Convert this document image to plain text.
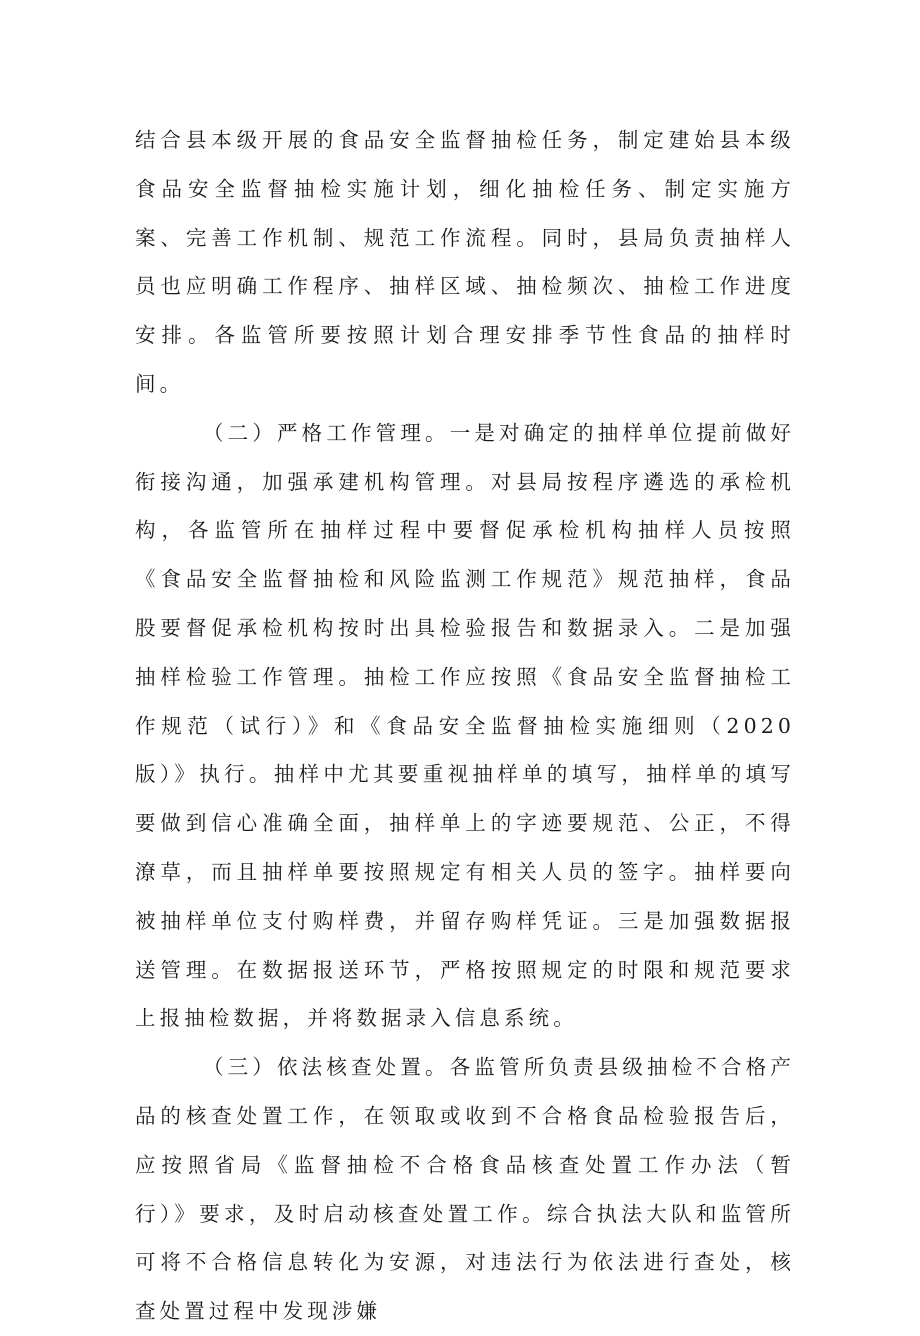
结合县本级开展的食品安全监督抽检任务，制定建始县本级食品安全监督抽检实施计划，细化抽检任务、制定实施方案、完善工作机制、规范工作流程。同时，县局负责抽样人员也应明确工作程序、抽样区域、抽检频次、抽检工作进度安排。各监管所要按照计划合理安排季节性食品的抽样时间。

（二）严格工作管理。一是对确定的抽样单位提前做好衔接沟通，加强承建机构管理。对县局按程序遴选的承检机构，各监管所在抽样过程中要督促承检机构抽样人员按照《食品安全监督抽检和风险监测工作规范》规范抽样，食品股要督促承检机构按时出具检验报告和数据录入。二是加强抽样检验工作管理。抽检工作应按照《食品安全监督抽检工作规范（试行）》和《食品安全监督抽检实施细则（2020版）》执行。抽样中尤其要重视抽样单的填写，抽样单的填写要做到信心准确全面，抽样单上的字迹要规范、公正，不得潦草，而且抽样单要按照规定有相关人员的签字。抽样要向被抽样单位支付购样费，并留存购样凭证。三是加强数据报送管理。在数据报送环节，严格按照规定的时限和规范要求上报抽检数据，并将数据录入信息系统。

（三）依法核查处置。各监管所负责县级抽检不合格产品的核查处置工作，在领取或收到不合格食品检验报告后，应按照省局《监督抽检不合格食品核查处置工作办法（暂行）》要求，及时启动核查处置工作。综合执法大队和监管所可将不合格信息转化为安源，对违法行为依法进行查处，核查处置过程中发现涉嫌
